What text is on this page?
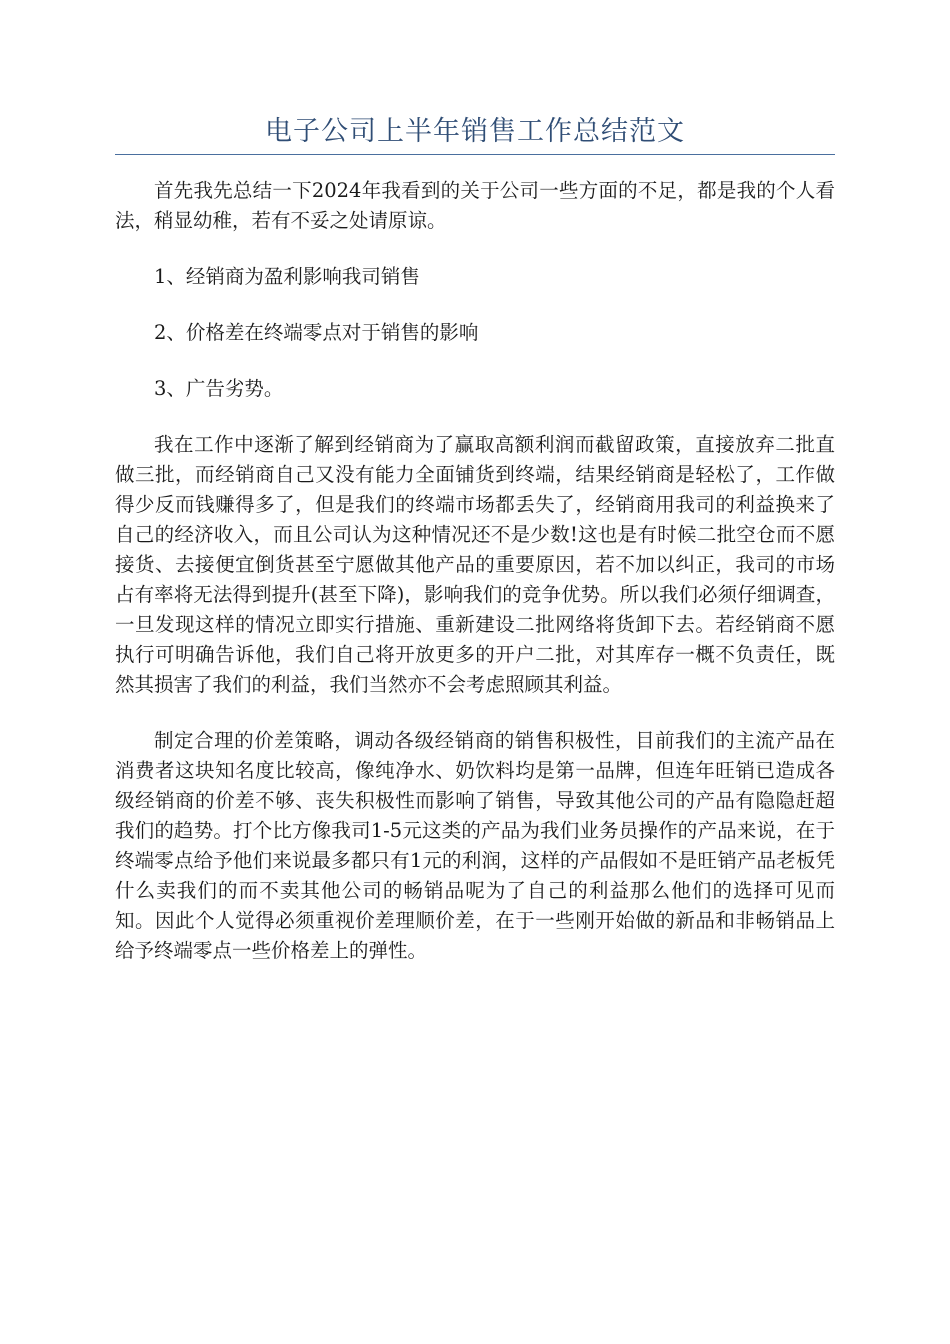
电子公司上半年销售工作总结范文

首先我先总结一下2024年我看到的关于公司一些方面的不足，都是我的个人看法，稍显幼稚，若有不妥之处请原谅。

1、经销商为盈利影响我司销售

2、价格差在终端零点对于销售的影响

3、广告劣势。

我在工作中逐渐了解到经销商为了赢取高额利润而截留政策，直接放弃二批直做三批，而经销商自己又没有能力全面铺货到终端，结果经销商是轻松了，工作做得少反而钱赚得多了，但是我们的终端市场都丢失了，经销商用我司的利益换来了自己的经济收入，而且公司认为这种情况还不是少数!这也是有时候二批空仓而不愿接货、去接便宜倒货甚至宁愿做其他产品的重要原因，若不加以纠正，我司的市场占有率将无法得到提升(甚至下降)，影响我们的竞争优势。所以我们必须仔细调查，一旦发现这样的情况立即实行措施、重新建设二批网络将货卸下去。若经销商不愿执行可明确告诉他，我们自己将开放更多的开户二批，对其库存一概不负责任，既然其损害了我们的利益，我们当然亦不会考虑照顾其利益。

制定合理的价差策略，调动各级经销商的销售积极性，目前我们的主流产品在消费者这块知名度比较高，像纯净水、奶饮料均是第一品牌，但连年旺销已造成各级经销商的价差不够、丧失积极性而影响了销售，导致其他公司的产品有隐隐赶超我们的趋势。打个比方像我司1-5元这类的产品为我们业务员操作的产品来说，在于终端零点给予他们来说最多都只有1元的利润，这样的产品假如不是旺销产品老板凭什么卖我们的而不卖其他公司的畅销品呢为了自己的利益那么他们的选择可见而知。因此个人觉得必须重视价差理顺价差，在于一些刚开始做的新品和非畅销品上给予终端零点一些价格差上的弹性。
